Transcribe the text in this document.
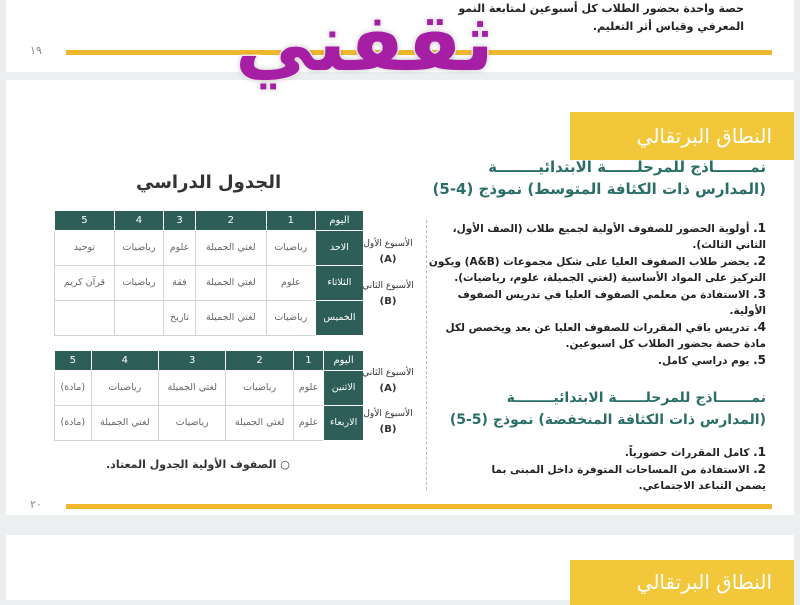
حصة واحدة بحضور الطلاب كل أسبوعين لمتابعة النمو المعرفي وقياس أثر التعليم.
١٩
النطاق البرتقالي
نمـــــــاذج للمرحلــــــة الابتدائيــــــــة
(المدارس ذات الكثافة المتوسط) نموذج (4-5)
1. أولوية الحضور للصفوف الأولية لجميع طلاب (الصف الأول، الثاني الثالث).
2. يحضر طلاب الصفوف العليا على شكل مجموعات (A&B) ويكون التركيز على المواد الأساسية (لغتي الجميلة، علوم، رياضيات).
3. الاستفادة من معلمي الصفوف العليا في تدريس الصفوف الأولية.
4. تدريس باقي المقررات للصفوف العليا عن بعد ويخصص لكل مادة حصة بحضور الطلاب كل اسبوعين.
5. يوم دراسي كامل.
نمـــــــاذج للمرحلــــــة الابتدائيــــــــة
(المدارس ذات الكثافة المنخفضة) نموذج (5-5)
1. كامل المقررات حضورياً.
2. الاستفادة من المساحات المتوفرة داخل المبنى بما يضمن التباعد الاجتماعي.
الجدول الدراسي
اليوم	1	2	3	4	5
الاحد	رياضيات	لغتي الجميلة	علوم	رياضيات	توحيد
الثلاثاء	علوم	لغتي الجميلة	فقة	رياضيات	قرآن كريم
الخميس	رياضيات	لغتي الجميلة	تاريخ		
الأسبوع الأول
(A)
الأسبوع الثاني
(B)
اليوم	1	2	3	4	5
الاثنين	علوم	رياضيات	لغتي الجميلة	رياضيات	(مادة)
الاربعاء	علوم	لغتي الجميلة	رياضيات	لغتي الجميلة	(مادة)
الأسبوع الثاني
(A)
الأسبوع الأول
(B)
○ الصفوف الأولية الجدول المعتاد.
٢٠
النطاق البرتقالي
ثقفني
